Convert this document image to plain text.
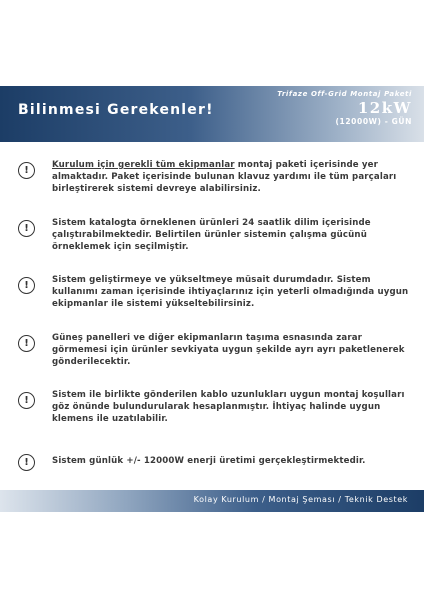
Bilinmesi Gerekenler!
Trifaze Off-Grid Montaj Paketi
12kW
(12000W) - GÜN
!	Kurulum için gerekli tüm ekipmanlar montaj paketi içerisinde yer almaktadır. Paket içerisinde bulunan klavuz yardımı ile tüm parçaları birleştirerek sistemi devreye alabilirsiniz.
!	Sistem katalogta örneklenen ürünleri 24 saatlik dilim içerisinde çalıştırabilmektedir. Belirtilen ürünler sistemin çalışma gücünü örneklemek için seçilmiştir.
!	Sistem geliştirmeye ve yükseltmeye müsait durumdadır. Sistem kullanımı zaman içerisinde ihtiyaçlarınız için yeterli olmadığında uygun ekipmanlar ile sistemi yükseltebilirsiniz.
!	Güneş panelleri ve diğer ekipmanların taşıma esnasında zarar görmemesi için ürünler sevkiyata uygun şekilde ayrı ayrı paketlenerek gönderilecektir.
!	Sistem ile birlikte gönderilen kablo uzunlukları uygun montaj koşulları göz önünde bulundurularak hesaplanmıştır. İhtiyaç halinde uygun klemens ile uzatılabilir.
!	Sistem günlük +/- 12000W enerji üretimi gerçekleştirmektedir.
Kolay Kurulum / Montaj Şeması / Teknik Destek
